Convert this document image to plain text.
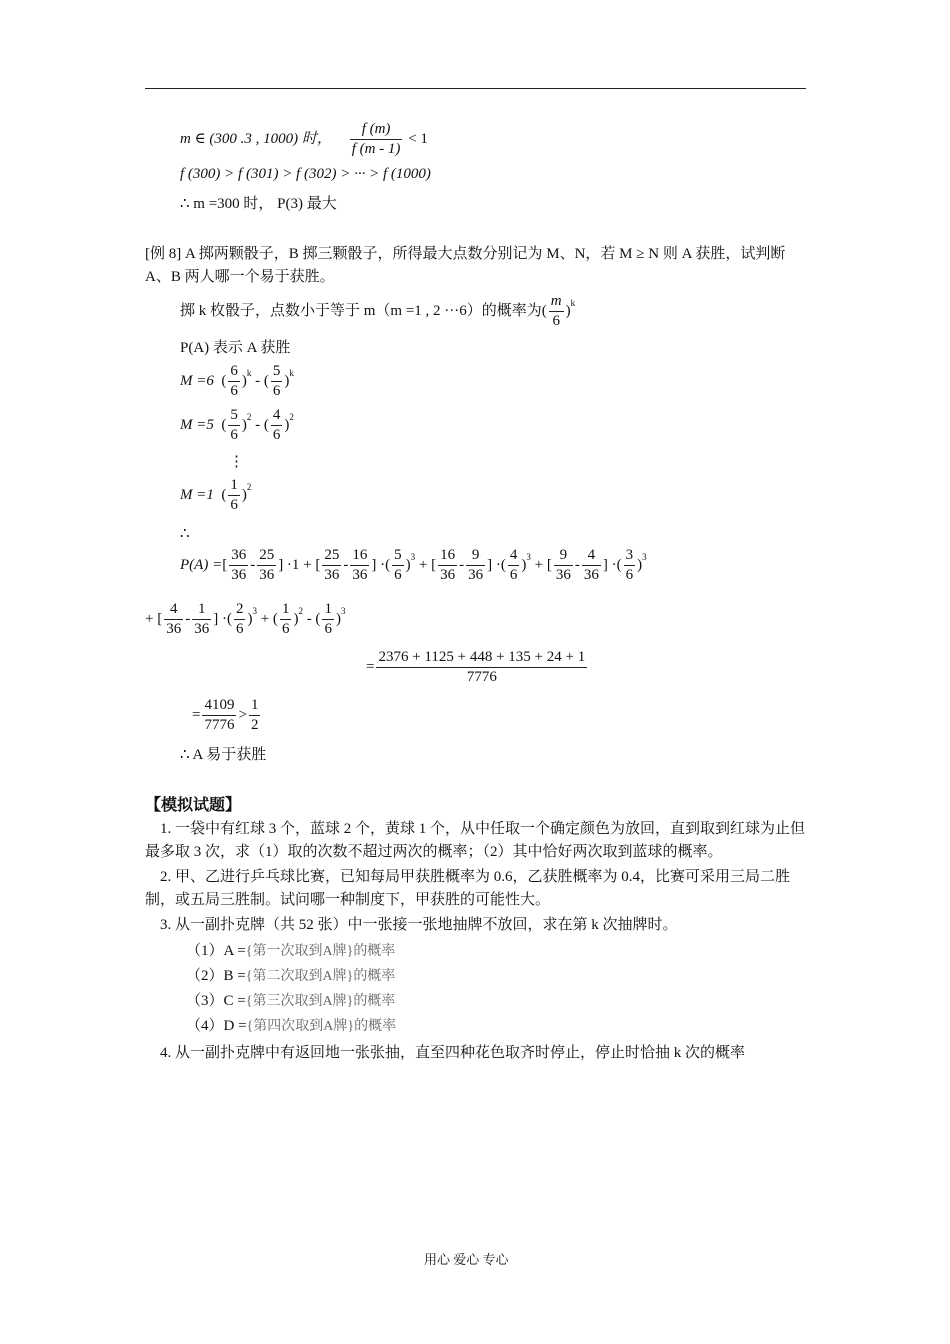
m ∈ (300 .3 , 1000) 时， $\frac{f (m)}{f (m - 1)} < 1$
f (300) > f (301) > f (302) > ··· > f (1000)
∴ m =300 时， P(3) 最大
[例 8] A 掷两颗骰子，B 掷三颗骰子，所得最大点数分别记为 M、N，若 M ≥ N 则 A 获胜，试判断 A、B 两人哪一个易于获胜。
掷 k 枚骰子，点数小于等于 m（m =1 , 2 ···6）的概率为( $\frac{m}{6} )^k$
P(A) 表示 A 获胜
M =6  ( $\frac{6}{6} )^k$ - ( $\frac{5}{6} )^k$
M =5  ( $\frac{5}{6} )^2$ - ( $\frac{4}{6} )^2$
⋮
M =1  ( $\frac{1}{6} )^2$
∴
P(A) =[ $\frac{36}{36} - \frac{25}{36}$ ] ·1 + [ $\frac{25}{36} - \frac{16}{36}$ ] ·( $\frac{5}{6} )^3$ + [ $\frac{16}{36} - \frac{9}{36}$ ] ·( $\frac{4}{6} )^3$ + [ $\frac{9}{36} - \frac{4}{36}$ ] ·( $\frac{3}{6} )^3$
+ [ $\frac{4}{36} - \frac{1}{36}$ ] ·( $\frac{2}{6} )^3$ + ( $\frac{1}{6} )^2$ - ( $\frac{1}{6} )^3$
= $\frac{2376 + 1125 + 448 + 135 + 24 + 1}{7776}$
= $\frac{4109}{7776} > \frac{1}{2}$
∴ A 易于获胜
【模拟试题】
1. 一袋中有红球 3 个，蓝球 2 个，黄球 1 个，从中任取一个确定颜色为放回，直到取到红球为止但最多取 3 次，求（1）取的次数不超过两次的概率；（2）其中恰好两次取到蓝球的概率。
2. 甲、乙进行乒乓球比赛，已知每局甲获胜概率为 0.6，乙获胜概率为 0.4，比赛可采用三局二胜制，或五局三胜制。试问哪一种制度下，甲获胜的可能性大。
3. 从一副扑克牌（共 52 张）中一张接一张地抽牌不放回，求在第 k 次抽牌时。
（1）A ={第一次取到A牌}的概率
（2）B ={第二次取到A牌}的概率
（3）C ={第三次取到A牌}的概率
（4）D ={第四次取到A牌}的概率
4. 从一副扑克牌中有返回地一张张抽，直至四种花色取齐时停止，停止时恰抽 k 次的概率
用心 爱心 专心
